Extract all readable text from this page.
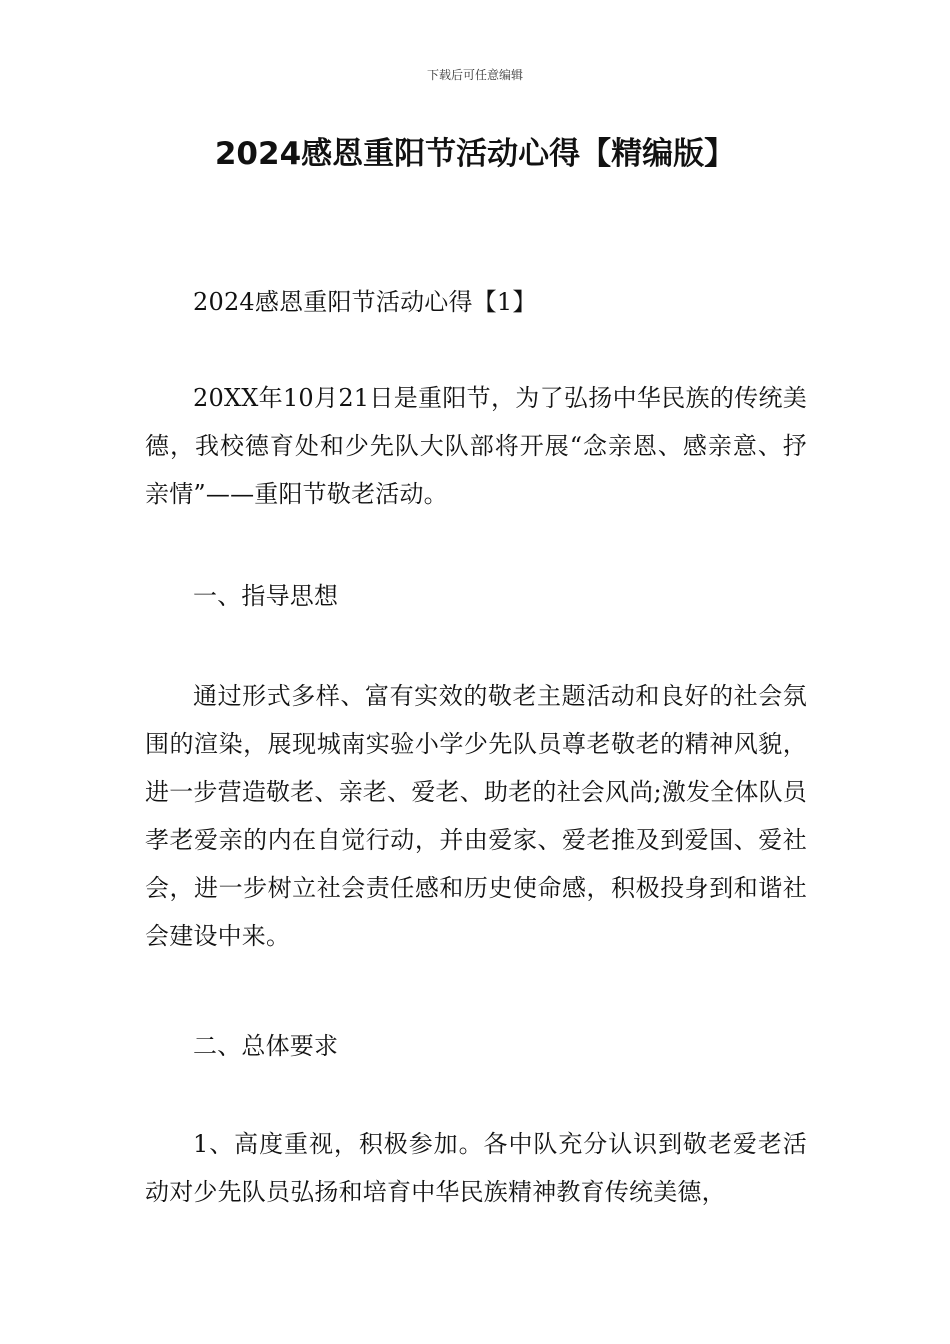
下载后可任意编辑
2024感恩重阳节活动心得【精编版】

2024感恩重阳节活动心得【1】

20XX年10月21日是重阳节，为了弘扬中华民族的传统美德，我校德育处和少先队大队部将开展“念亲恩、感亲意、抒亲情”——重阳节敬老活动。

一、指导思想

通过形式多样、富有实效的敬老主题活动和良好的社会氛围的渲染，展现城南实验小学少先队员尊老敬老的精神风貌，进一步营造敬老、亲老、爱老、助老的社会风尚;激发全体队员孝老爱亲的内在自觉行动，并由爱家、爱老推及到爱国、爱社会，进一步树立社会责任感和历史使命感，积极投身到和谐社会建设中来。

二、总体要求

1、高度重视，积极参加。各中队充分认识到敬老爱老活动对少先队员弘扬和培育中华民族精神教育传统美德，
